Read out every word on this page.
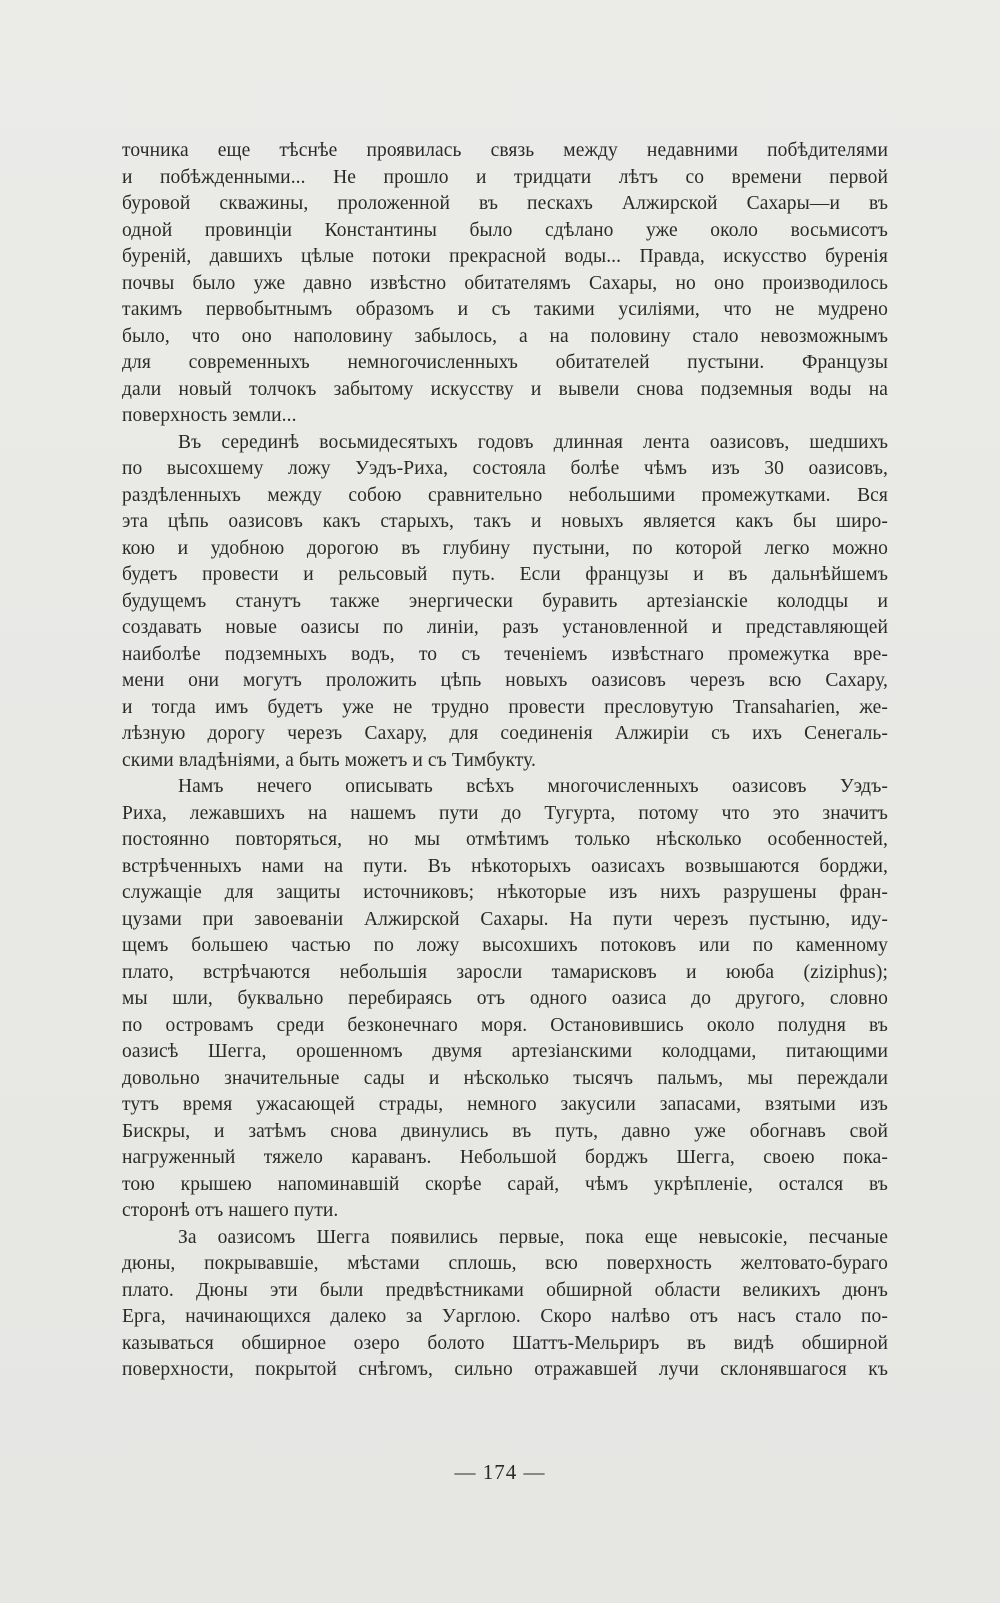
точника еще тѣснѣе проявилась связь между недавними побѣдителями
и побѣжденными... Не прошло и тридцати лѣтъ со времени первой
буровой скважины, проложенной въ пескахъ Алжирской Сахары—и въ
одной провинціи Константины было сдѣлано уже около восьмисотъ
буреній, давшихъ цѣлые потоки прекрасной воды... Правда, искусство буренія
почвы было уже давно извѣстно обитателямъ Сахары, но оно производилось
такимъ первобытнымъ образомъ и съ такими усиліями, что не мудрено
было, что оно наполовину забылось, а на половину стало невозможнымъ
для современныхъ немногочисленныхъ обитателей пустыни. Французы
дали новый толчокъ забытому искусству и вывели снова подземныя воды на
поверхность земли...
Въ серединѣ восьмидесятыхъ годовъ длинная лента оазисовъ, шедшихъ
по высохшему ложу Уэдъ-Риха, состояла болѣе чѣмъ изъ 30 оазисовъ,
раздѣленныхъ между собою сравнительно небольшими промежутками. Вся
эта цѣпь оазисовъ какъ старыхъ, такъ и новыхъ является какъ бы широ-
кою и удобною дорогою въ глубину пустыни, по которой легко можно
будетъ провести и рельсовый путь. Если французы и въ дальнѣйшемъ
будущемъ станутъ также энергически буравить артезіанскіе колодцы и
создавать новые оазисы по линіи, разъ установленной и представляющей
наиболѣе подземныхъ водъ, то съ теченіемъ извѣстнаго промежутка вре-
мени они могутъ проложить цѣпь новыхъ оазисовъ черезъ всю Сахару,
и тогда имъ будетъ уже не трудно провести пресловутую Transaharien, же-
лѣзную дорогу черезъ Сахару, для соединенія Алжиріи съ ихъ Сенегаль-
скими владѣніями, а быть можетъ и съ Тимбукту.
Намъ нечего описывать всѣхъ многочисленныхъ оазисовъ Уэдъ-
Риха, лежавшихъ на нашемъ пути до Тугурта, потому что это значитъ
постоянно повторяться, но мы отмѣтимъ только нѣсколько особенностей,
встрѣченныхъ нами на пути. Въ нѣкоторыхъ оазисахъ возвышаются борджи,
служащіе для защиты источниковъ; нѣкоторые изъ нихъ разрушены фран-
цузами при завоеваніи Алжирской Сахары. На пути черезъ пустыню, иду-
щемъ большею частью по ложу высохшихъ потоковъ или по каменному
плато, встрѣчаются небольшія заросли тамарисковъ и ююба (ziziphus);
мы шли, буквально перебираясь отъ одного оазиса до другого, словно
по островамъ среди безконечнаго моря. Остановившись около полудня въ
оазисѣ Шегга, орошенномъ двумя артезіанскими колодцами, питающими
довольно значительные сады и нѣсколько тысячъ пальмъ, мы переждали
тутъ время ужасающей страды, немного закусили запасами, взятыми изъ
Бискры, и затѣмъ снова двинулись въ путь, давно уже обогнавъ свой
нагруженный тяжело караванъ. Небольшой борджъ Шегга, своею пока-
тою крышею напоминавшій скорѣе сарай, чѣмъ укрѣпленіе, остался въ
сторонѣ отъ нашего пути.
За оазисомъ Шегга появились первые, пока еще невысокіе, песчаные
дюны, покрывавшіе, мѣстами сплошь, всю поверхность желтовато-бураго
плато. Дюны эти были предвѣстниками обширной области великихъ дюнъ
Ерга, начинающихся далеко за Уарглою. Скоро налѣво отъ насъ стало по-
казываться обширное озеро болото Шаттъ-Мельриръ въ видѣ обширной
поверхности, покрытой снѣгомъ, сильно отражавшей лучи склонявшагося къ
— 174 —
